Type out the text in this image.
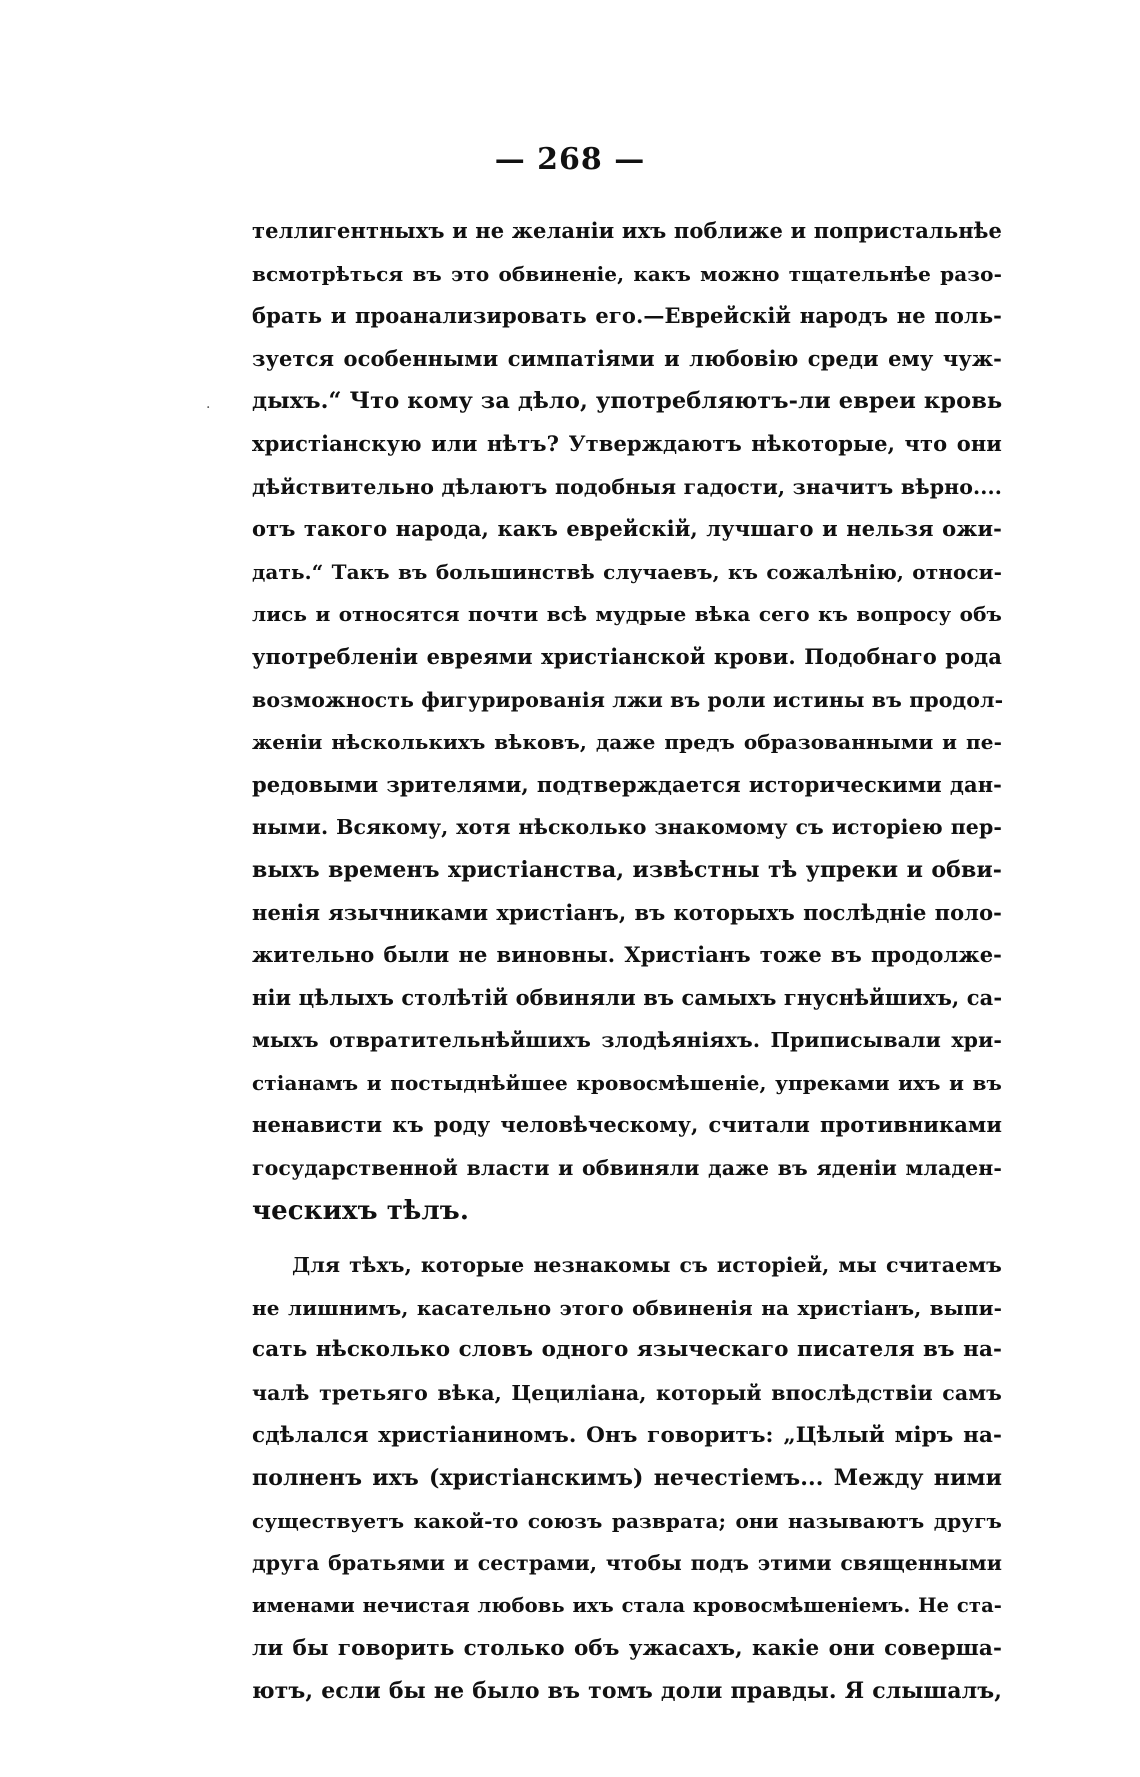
— 268 —
·
теллигентныхъ и не желаніи ихъ поближе и попристальнѣе
всмотрѣться въ это обвиненіе, какъ можно тщательнѣе разо-
брать и проанализировать его.—Еврейскій народъ не поль-
зуется особенными симпатіями и любовію среди ему чуж-
дыхъ.“ Что кому за дѣло, употребляютъ-ли евреи кровь
христіанскую или нѣтъ? Утверждаютъ нѣкоторые, что они
дѣйствительно дѣлаютъ подобныя гадости, значитъ вѣрно....
отъ такого народа, какъ еврейскій, лучшаго и нельзя ожи-
дать.“ Такъ въ большинствѣ случаевъ, къ сожалѣнію, относи-
лись и относятся почти всѣ мудрые вѣка сего къ вопросу объ
употребленіи евреями христіанской крови. Подобнаго рода
возможность фигурированія лжи въ роли истины въ продол-
женіи нѣсколькихъ вѣковъ, даже предъ образованными и пе-
редовыми зрителями, подтверждается историческими дан-
ными. Всякому, хотя нѣсколько знакомому съ исторіею пер-
выхъ временъ христіанства, извѣстны тѣ упреки и обви-
ненія язычниками христіанъ, въ которыхъ послѣдніе поло-
жительно были не виновны. Христіанъ тоже въ продолже-
ніи цѣлыхъ столѣтій обвиняли въ самыхъ гнуснѣйшихъ, са-
мыхъ отвратительнѣйшихъ злодѣяніяхъ. Приписывали хри-
стіанамъ и постыднѣйшее кровосмѣшеніе, упреками ихъ и въ
ненависти къ роду человѣческому, считали противниками
государственной власти и обвиняли даже въ яденіи младен-
ческихъ тѣлъ.
Для тѣхъ, которые незнакомы съ исторіей, мы считаемъ
не лишнимъ, касательно этого обвиненія на христіанъ, выпи-
сать нѣсколько словъ одного языческаго писателя въ на-
чалѣ третьяго вѣка, Цециліана, который впослѣдствіи самъ
сдѣлался христіаниномъ. Онъ говоритъ: „Цѣлый міръ на-
полненъ ихъ (христіанскимъ) нечестіемъ... Между ними
существуетъ какой-то союзъ разврата; они называютъ другъ
друга братьями и сестрами, чтобы подъ этими священными
именами нечистая любовь ихъ стала кровосмѣшеніемъ. Не ста-
ли бы говорить столько объ ужасахъ, какіе они соверша-
ютъ, если бы не было въ томъ доли правды. Я слышалъ,
